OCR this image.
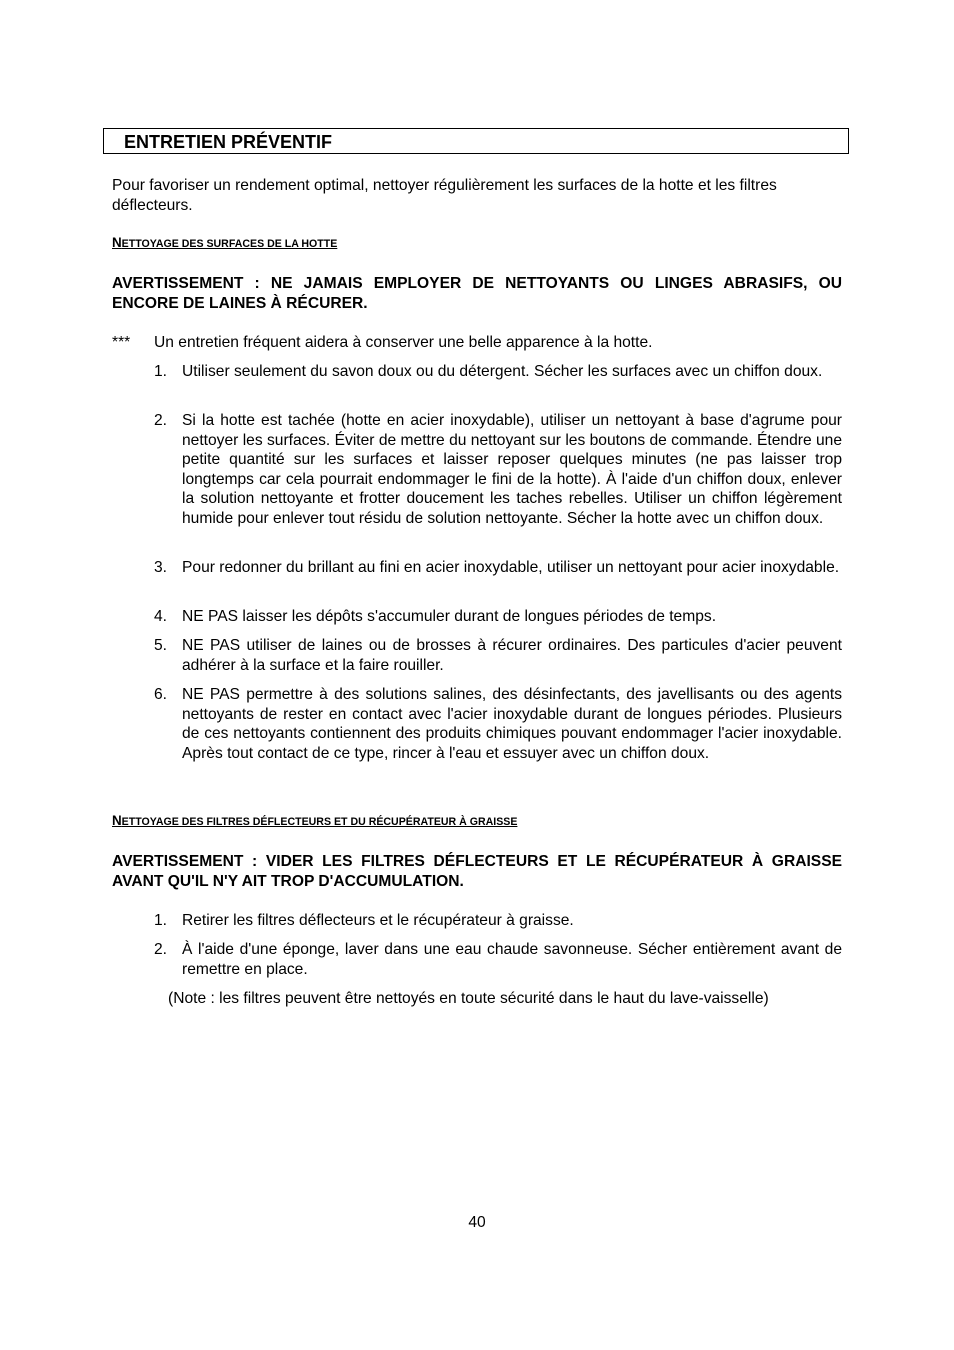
ENTRETIEN PRÉVENTIF
Pour favoriser un rendement optimal, nettoyer régulièrement les surfaces de la hotte et les filtres déflecteurs.
NETTOYAGE DES SURFACES DE LA HOTTE
AVERTISSEMENT : NE JAMAIS EMPLOYER DE NETTOYANTS OU LINGES ABRASIFS, OU ENCORE DE LAINES À RÉCURER.
*** Un entretien fréquent aidera à conserver une belle apparence à la hotte.
1. Utiliser seulement du savon doux ou du détergent. Sécher les surfaces avec un chiffon doux.
2. Si la hotte est tachée (hotte en acier inoxydable), utiliser un nettoyant à base d'agrume pour nettoyer les surfaces. Éviter de mettre du nettoyant sur les boutons de commande. Étendre une petite quantité sur les surfaces et laisser reposer quelques minutes (ne pas laisser trop longtemps car cela pourrait endommager le fini de la hotte). À l'aide d'un chiffon doux, enlever la solution nettoyante et frotter doucement les taches rebelles. Utiliser un chiffon légèrement humide pour enlever tout résidu de solution nettoyante. Sécher la hotte avec un chiffon doux.
3. Pour redonner du brillant au fini en acier inoxydable, utiliser un nettoyant pour acier inoxydable.
4. NE PAS laisser les dépôts s'accumuler durant de longues périodes de temps.
5. NE PAS utiliser de laines ou de brosses à récurer ordinaires. Des particules d'acier peuvent adhérer à la surface et la faire rouiller.
6. NE PAS permettre à des solutions salines, des désinfectants, des javellisants ou des agents nettoyants de rester en contact avec l'acier inoxydable durant de longues périodes. Plusieurs de ces nettoyants contiennent des produits chimiques pouvant endommager l'acier inoxydable. Après tout contact de ce type, rincer à l'eau et essuyer avec un chiffon doux.
NETTOYAGE DES FILTRES DÉFLECTEURS ET DU RÉCUPÉRATEUR À GRAISSE
AVERTISSEMENT : VIDER LES FILTRES DÉFLECTEURS ET LE RÉCUPÉRATEUR À GRAISSE AVANT QU'IL N'Y AIT TROP D'ACCUMULATION.
1. Retirer les filtres déflecteurs et le récupérateur à graisse.
2. À l'aide d'une éponge, laver dans une eau chaude savonneuse. Sécher entièrement avant de remettre en place.
(Note : les filtres peuvent être nettoyés en toute sécurité dans le haut du lave-vaisselle)
40
